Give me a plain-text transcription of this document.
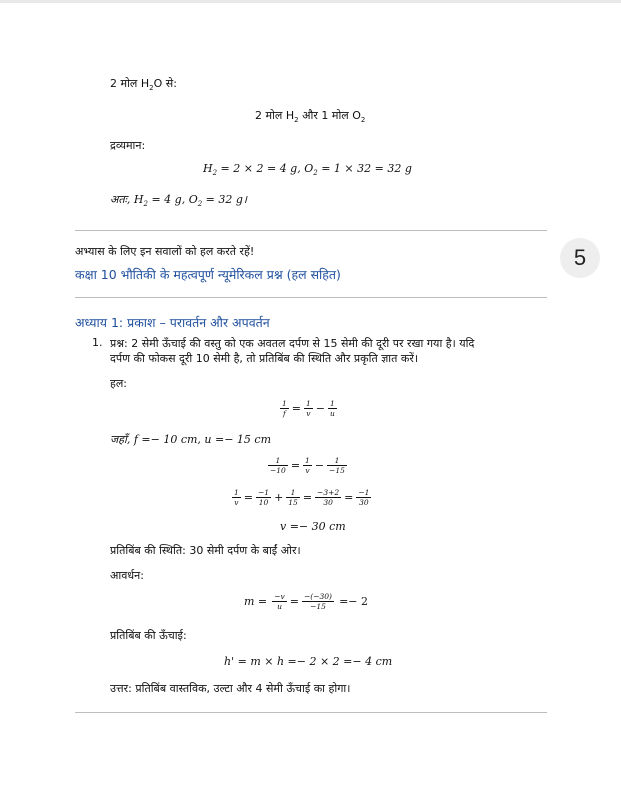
2 मोल $H_2O$ से:
2 मोल $H_2$ और 1 मोल $O_2$
द्रव्यमान:
$H_2 = 2 \times 2 = 4$ g, $O_2 = 1 \times 32 = 32$ g
अतः, $H_2 = 4$ g, $O_2 = 32$ g।
5
अभ्यास के लिए इन सवालों को हल करते रहें!
कक्षा 10 भौतिकी के महत्वपूर्ण न्यूमेरिकल प्रश्न (हल सहित)
अध्याय 1: प्रकाश – परावर्तन और अपवर्तन
1. प्रश्न: 2 सेमी ऊँचाई की वस्तु को एक अवतल दर्पण से 15 सेमी की दूरी पर रखा गया है। यदि
दर्पण की फोकस दूरी 10 सेमी है, तो प्रतिबिंब की स्थिति और प्रकृति ज्ञात करें।
हल:
$\frac{1}{f} = \frac{1}{v} - \frac{1}{u}$
जहाँ, f =− 10 cm, u =− 15 cm
$\frac{1}{-10} = \frac{1}{v} - \frac{1}{-15}$
$\frac{1}{v} = \frac{-1}{10} + \frac{1}{15} = \frac{-3+2}{30} = \frac{-1}{30}$
v =− 30 cm
प्रतिबिंब की स्थिति: 30 सेमी दर्पण के बाईं ओर।
आवर्धन:
$m = \frac{-v}{u} = \frac{-(-30)}{-15} =- 2$
प्रतिबिंब की ऊँचाई:
h' = m × h =− 2 × 2 =− 4 cm
उत्तर: प्रतिबिंब वास्तविक, उल्टा और 4 सेमी ऊँचाई का होगा।
